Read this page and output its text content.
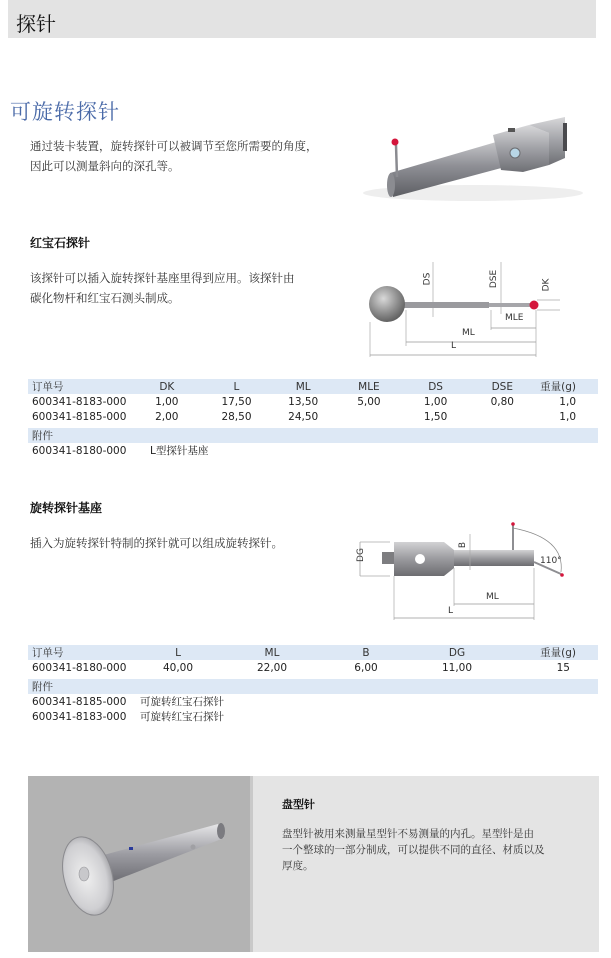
探针
可旋转探针
通过装卡装置，旋转探针可以被调节至您所需要的角度，
因此可以测量斜向的深孔等。
红宝石探针
该探针可以插入旋转探针基座里得到应用。该探针由
碳化物杆和红宝石测头制成。
DS	DSE	DK
MLE
ML
L
订单号	DK	L	ML	MLE	DS	DSE	重量(g)
600341-8183-000	1,00	17,50	13,50	5,00	1,00	0,80	1,0
600341-8185-000	2,00	28,50	24,50		1,50		1,0

附件							
600341-8180-000	L型探针基座						
旋转探针基座
插入为旋转探针特制的探针就可以组成旋转探针。
DG
B
110°
ML
L
订单号	L	ML	B	DG	重量(g)
600341-8180-000	40,00	22,00	6,00	11,00	15

附件					
600341-8185-000	可旋转红宝石探针				
600341-8183-000	可旋转红宝石探针				
盘型针
盘型针被用来测量星型针不易测量的内孔。星型针是由
一个整球的一部分制成，可以提供不同的直径、材质以及
厚度。
